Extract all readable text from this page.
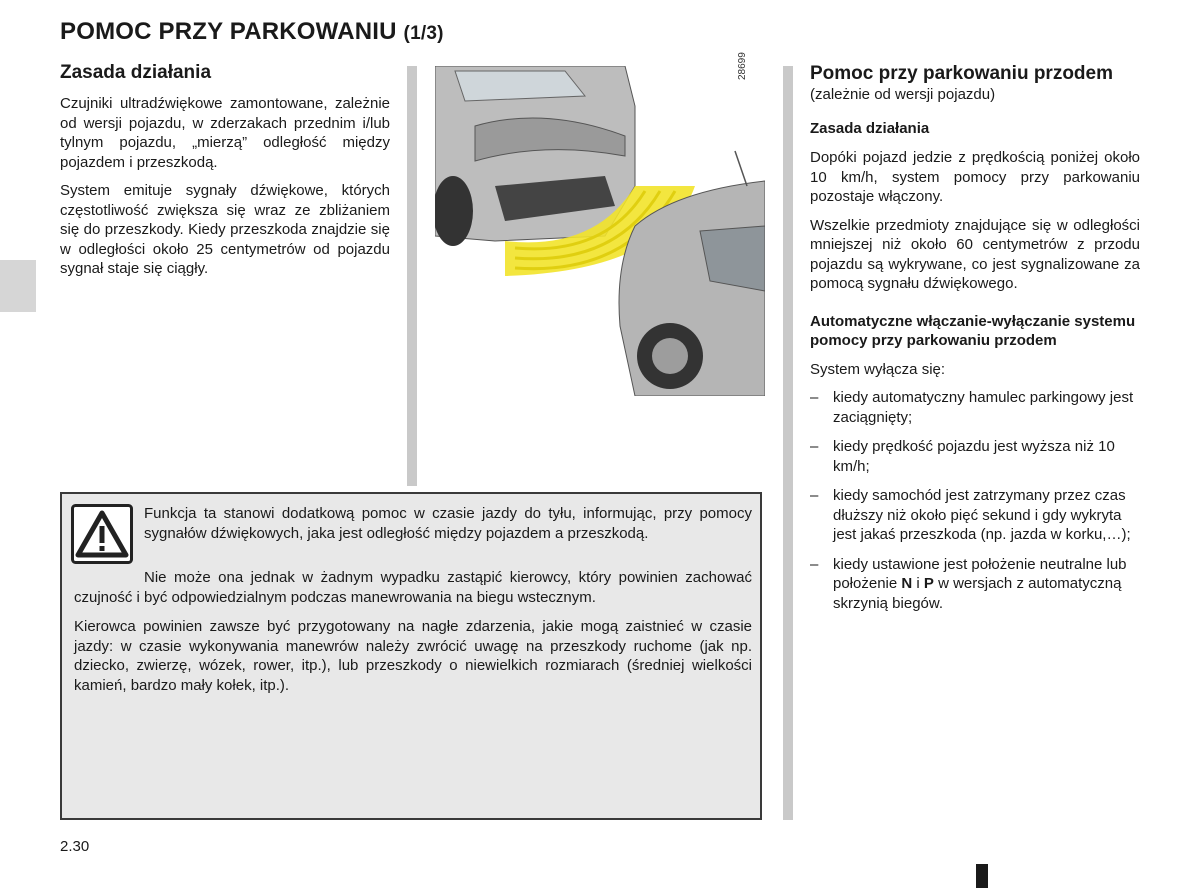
POMOC PRZY PARKOWANIU (1/3)
Zasada działania

Czujniki ultradźwiękowe zamontowane, zależnie od wersji pojazdu, w zderzakach przednim i/lub tylnym pojazdu, „mierzą” odległość między pojazdem i przeszkodą.

System emituje sygnały dźwiękowe, których częstotliwość zwiększa się wraz ze zbliżaniem się do przeszkody. Kiedy przeszkoda znajdzie się w odległości około 25 centymetrów od pojazdu sygnał staje się ciągły.

28699	Pomoc przy parkowaniu przodem
(zależnie od wersji pojazdu)
Zasada działania

Dopóki pojazd jedzie z prędkością poniżej około 10 km/h, system pomocy przy parkowaniu pozostaje włączony.

Wszelkie przedmioty znajdujące się w odległości mniejszej niż około 60 centymetrów z przodu pojazdu są wykrywane, co jest sygnalizowane za pomocą sygnału dźwiękowego.

Automatyczne włączanie-wyłączanie systemu pomocy przy parkowaniu przodem

System wyłącza się:

– kiedy automatyczny hamulec parkingowy jest zaciągnięty;
– kiedy prędkość pojazdu jest wyższa niż 10 km/h;
– kiedy samochód jest zatrzymany przez czas dłuższy niż około pięć sekund i gdy wykryta jest jakaś przeszkoda (np. jazda w korku,…);
– kiedy ustawione jest położenie neutralne lub położenie N i P w wersjach z automatyczną skrzynią biegów.

Funkcja ta stanowi dodatkową pomoc w czasie jazdy do tyłu, informując, przy pomocy sygnałów dźwiękowych, jaka jest odległość między pojazdem a przeszkodą.

Nie może ona jednak w żadnym wypadku zastąpić kierowcy, który powinien zachować czujność i być odpowiedzialnym podczas manewrowania na biegu wstecznym.

Kierowca powinien zawsze być przygotowany na nagłe zdarzenia, jakie mogą zaistnieć w czasie jazdy: w czasie wykonywania manewrów należy zwrócić uwagę na przeszkody ruchome (jak np. dziecko, zwierzę, wózek, rower, itp.), lub przeszkody o niewielkich rozmiarach (średniej wielkości kamień, bardzo mały kołek, itp.).

2.30
